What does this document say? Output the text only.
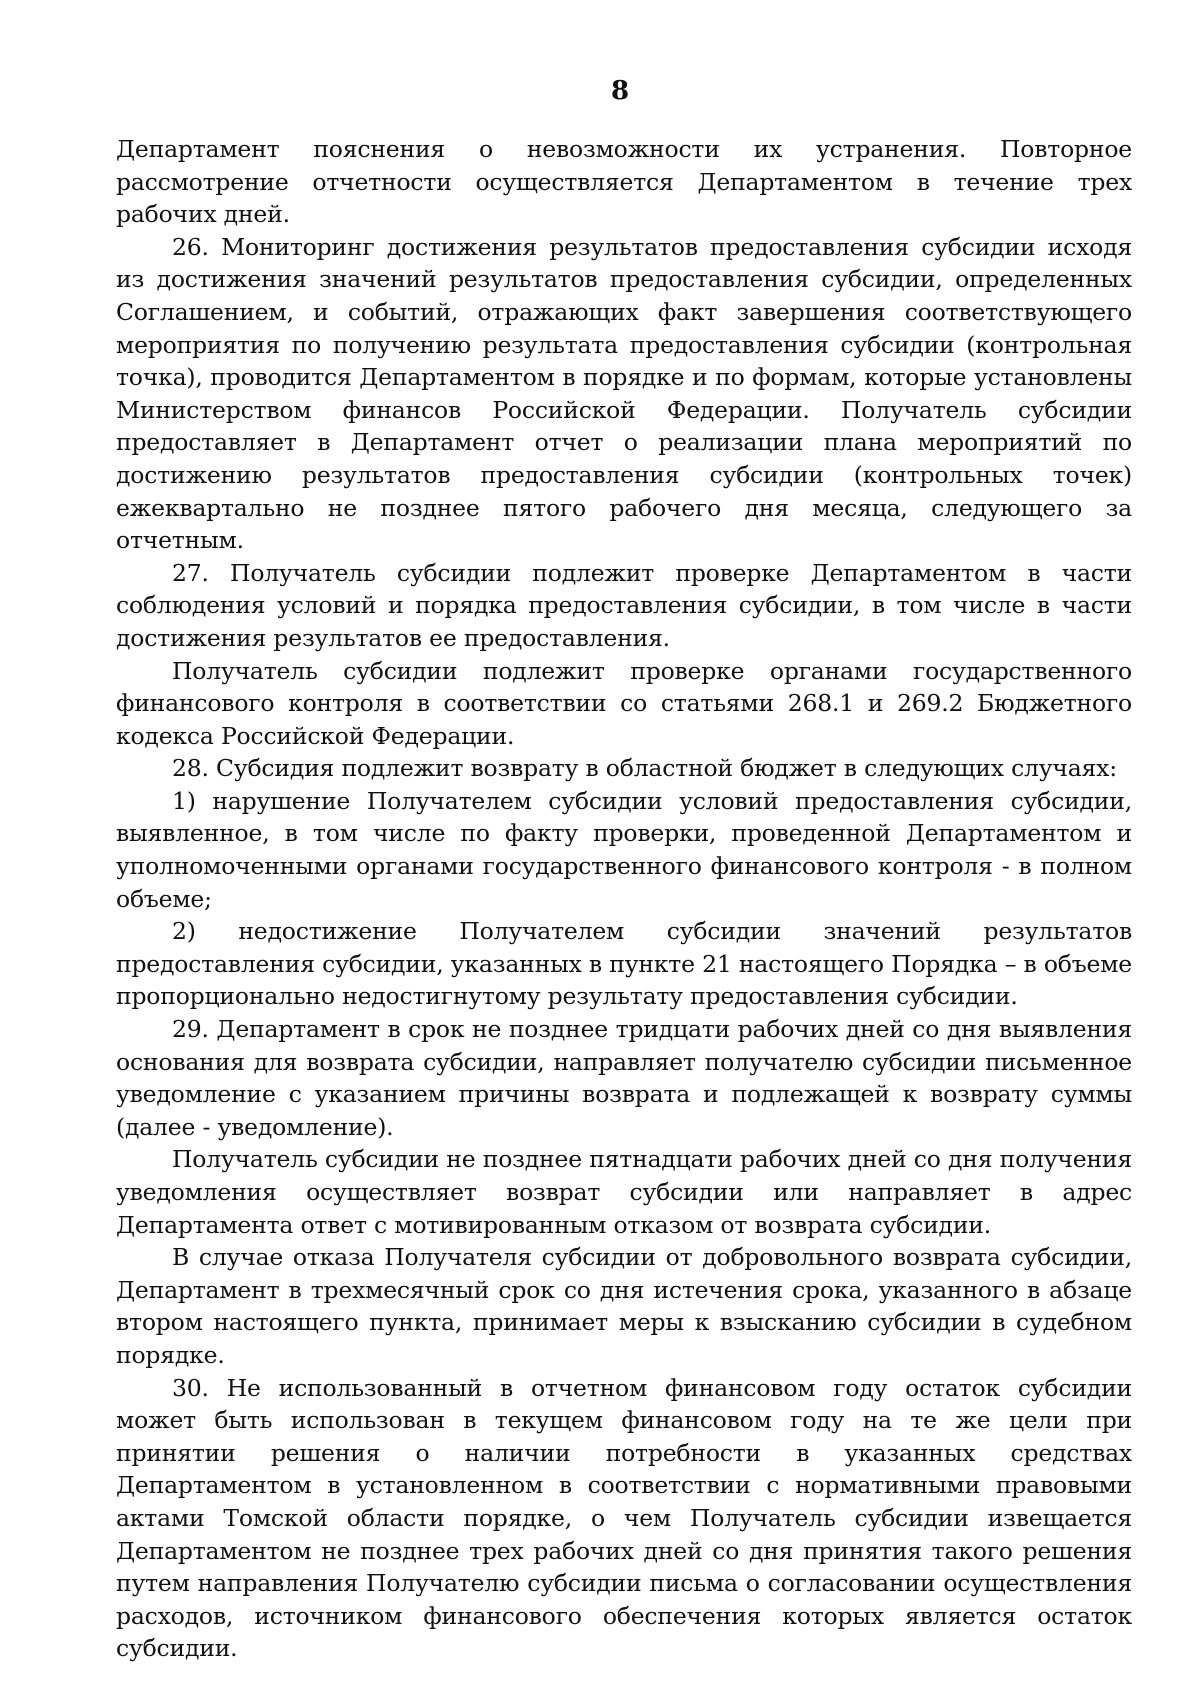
8

Департамент пояснения о невозможности их устранения. Повторное рассмотрение отчетности осуществляется Департаментом в течение трех рабочих дней.

26. Мониторинг достижения результатов предоставления субсидии исходя из достижения значений результатов предоставления субсидии, определенных Соглашением, и событий, отражающих факт завершения соответствующего мероприятия по получению результата предоставления субсидии (контрольная точка), проводится Департаментом в порядке и по формам, которые установлены Министерством финансов Российской Федерации. Получатель субсидии предоставляет в Департамент отчет о реализации плана мероприятий по достижению результатов предоставления субсидии (контрольных точек) ежеквартально не позднее пятого рабочего дня месяца, следующего за отчетным.

27. Получатель субсидии подлежит проверке Департаментом в части соблюдения условий и порядка предоставления субсидии, в том числе в части достижения результатов ее предоставления.

Получатель субсидии подлежит проверке органами государственного финансового контроля в соответствии со статьями 268.1 и 269.2 Бюджетного кодекса Российской Федерации.

28. Субсидия подлежит возврату в областной бюджет в следующих случаях:

1) нарушение Получателем субсидии условий предоставления субсидии, выявленное, в том числе по факту проверки, проведенной Департаментом и уполномоченными органами государственного финансового контроля - в полном объеме;

2) недостижение Получателем субсидии значений результатов предоставления субсидии, указанных в пункте 21 настоящего Порядка – в объеме пропорционально недостигнутому результату предоставления субсидии.

29. Департамент в срок не позднее тридцати рабочих дней со дня выявления основания для возврата субсидии, направляет получателю субсидии письменное уведомление с указанием причины возврата и подлежащей к возврату суммы (далее - уведомление).

Получатель субсидии не позднее пятнадцати рабочих дней со дня получения уведомления осуществляет возврат субсидии или направляет в адрес Департамента ответ с мотивированным отказом от возврата субсидии.

В случае отказа Получателя субсидии от добровольного возврата субсидии, Департамент в трехмесячный срок со дня истечения срока, указанного в абзаце втором настоящего пункта, принимает меры к взысканию субсидии в судебном порядке.

30. Не использованный в отчетном финансовом году остаток субсидии может быть использован в текущем финансовом году на те же цели при принятии решения о наличии потребности в указанных средствах Департаментом в установленном в соответствии с нормативными правовыми актами Томской области порядке, о чем Получатель субсидии извещается Департаментом не позднее трех рабочих дней со дня принятия такого решения путем направления Получателю субсидии письма о согласовании осуществления расходов, источником финансового обеспечения которых является остаток субсидии.
